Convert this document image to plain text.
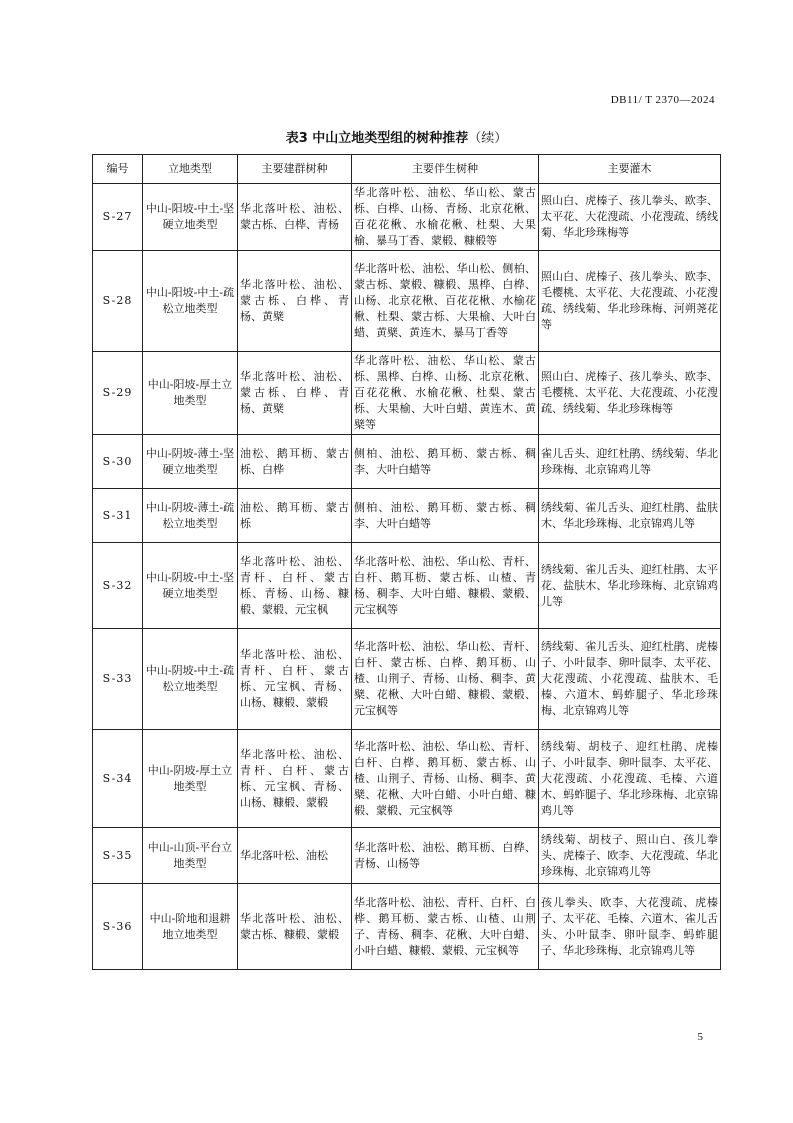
DB11/ T 2370—2024
表3 中山立地类型组的树种推荐（续）
编号	立地类型	主要建群树种	主要伴生树种	主要灌木
S-27	中山-阳坡-中土-坚硬立地类型	华北落叶松、油松、蒙古栎、白桦、青杨	华北落叶松、油松、华山松、蒙古栎、白桦、山杨、青杨、北京花楸、百花花楸、水榆花楸、杜梨、大果榆、暴马丁香、蒙椴、糠椴等	照山白、虎榛子、孩儿拳头、欧李、太平花、大花溲疏、小花溲疏、绣线菊、华北珍珠梅等
S-28	中山-阳坡-中土-疏松立地类型	华北落叶松、油松、蒙古栎、白桦、青杨、黄檗	华北落叶松、油松、华山松、侧柏、蒙古栎、蒙椴、糠椴、黑桦、白桦、山杨、北京花楸、百花花楸、水榆花楸、杜梨、蒙古栎、大果榆、大叶白蜡、黄檗、黄连木、暴马丁香等	照山白、虎榛子、孩儿拳头、欧李、毛樱桃、太平花、大花溲疏、小花溲疏、绣线菊、华北珍珠梅、河朔荛花等
S-29	中山-阳坡-厚土立地类型	华北落叶松、油松、蒙古栎、白桦、青杨、黄檗	华北落叶松、油松、华山松、蒙古栎、黑桦、白桦、山杨、北京花楸、百花花楸、水榆花楸、杜梨、蒙古栎、大果榆、大叶白蜡、黄连木、黄檗等	照山白、虎榛子、孩儿拳头、欧李、毛樱桃、太平花、大花溲疏、小花溲疏、绣线菊、华北珍珠梅等
S-30	中山-阴坡-薄土-坚硬立地类型	油松、鹅耳枥、蒙古栎、白桦	侧柏、油松、鹅耳枥、蒙古栎、稠李、大叶白蜡等	雀儿舌头、迎红杜鹃、绣线菊、华北珍珠梅、北京锦鸡儿等
S-31	中山-阴坡-薄土-疏松立地类型	油松、鹅耳枥、蒙古栎	侧柏、油松、鹅耳枥、蒙古栎、稠李、大叶白蜡等	绣线菊、雀儿舌头、迎红杜鹃、盐肤木、华北珍珠梅、北京锦鸡儿等
S-32	中山-阴坡-中土-坚硬立地类型	华北落叶松、油松、青杆、白杆、蒙古栎、青杨、山杨、糠椴、蒙椴、元宝枫	华北落叶松、油松、华山松、青杆、白杆、鹅耳枥、蒙古栎、山楂、青杨、稠李、大叶白蜡、糠椴、蒙椴、元宝枫等	绣线菊、雀儿舌头、迎红杜鹃、太平花、盐肤木、华北珍珠梅、北京锦鸡儿等
S-33	中山-阴坡-中土-疏松立地类型	华北落叶松、油松、青杆、白杆、蒙古栎、元宝枫、青杨、山杨、糠椴、蒙椴	华北落叶松、油松、华山松、青杆、白杆、蒙古栎、白桦、鹅耳枥、山楂、山荆子、青杨、山杨、稠李、黄檗、花楸、大叶白蜡、糠椴、蒙椴、元宝枫等	绣线菊、雀儿舌头、迎红杜鹃、虎榛子、小叶鼠李、卵叶鼠李、太平花、大花溲疏、小花溲疏、盐肤木、毛榛、六道木、蚂蚱腿子、华北珍珠梅、北京锦鸡儿等
S-34	中山-阴坡-厚土立地类型	华北落叶松、油松、青杆、白杆、蒙古栎、元宝枫、青杨、山杨、糠椴、蒙椴	华北落叶松、油松、华山松、青杆、白杆、白桦、鹅耳枥、蒙古栎、山楂、山荆子、青杨、山杨、稠李、黄檗、花楸、大叶白蜡、小叶白蜡、糠椴、蒙椴、元宝枫等	绣线菊、胡枝子、迎红杜鹃、虎榛子、小叶鼠李、卵叶鼠李、太平花、大花溲疏、小花溲疏、毛榛、六道木、蚂蚱腿子、华北珍珠梅、北京锦鸡儿等
S-35	中山-山顶-平台立地类型	华北落叶松、油松	华北落叶松、油松、鹅耳枥、白桦、青杨、山杨等	绣线菊、胡枝子、照山白、孩儿拳头、虎榛子、欧李、大花溲疏、华北珍珠梅、北京锦鸡儿等
S-36	中山-阶地和退耕地立地类型	华北落叶松、油松、蒙古栎、糠椴、蒙椴	华北落叶松、油松、青杆、白杆、白桦、鹅耳枥、蒙古栎、山楂、山荆子、青杨、稠李、花楸、大叶白蜡、小叶白蜡、糠椴、蒙椴、元宝枫等	孩儿拳头、欧李、大花溲疏、虎榛子、太平花、毛榛、六道木、雀儿舌头、小叶鼠李、卵叶鼠李、蚂蚱腿子、华北珍珠梅、北京锦鸡儿等
5
